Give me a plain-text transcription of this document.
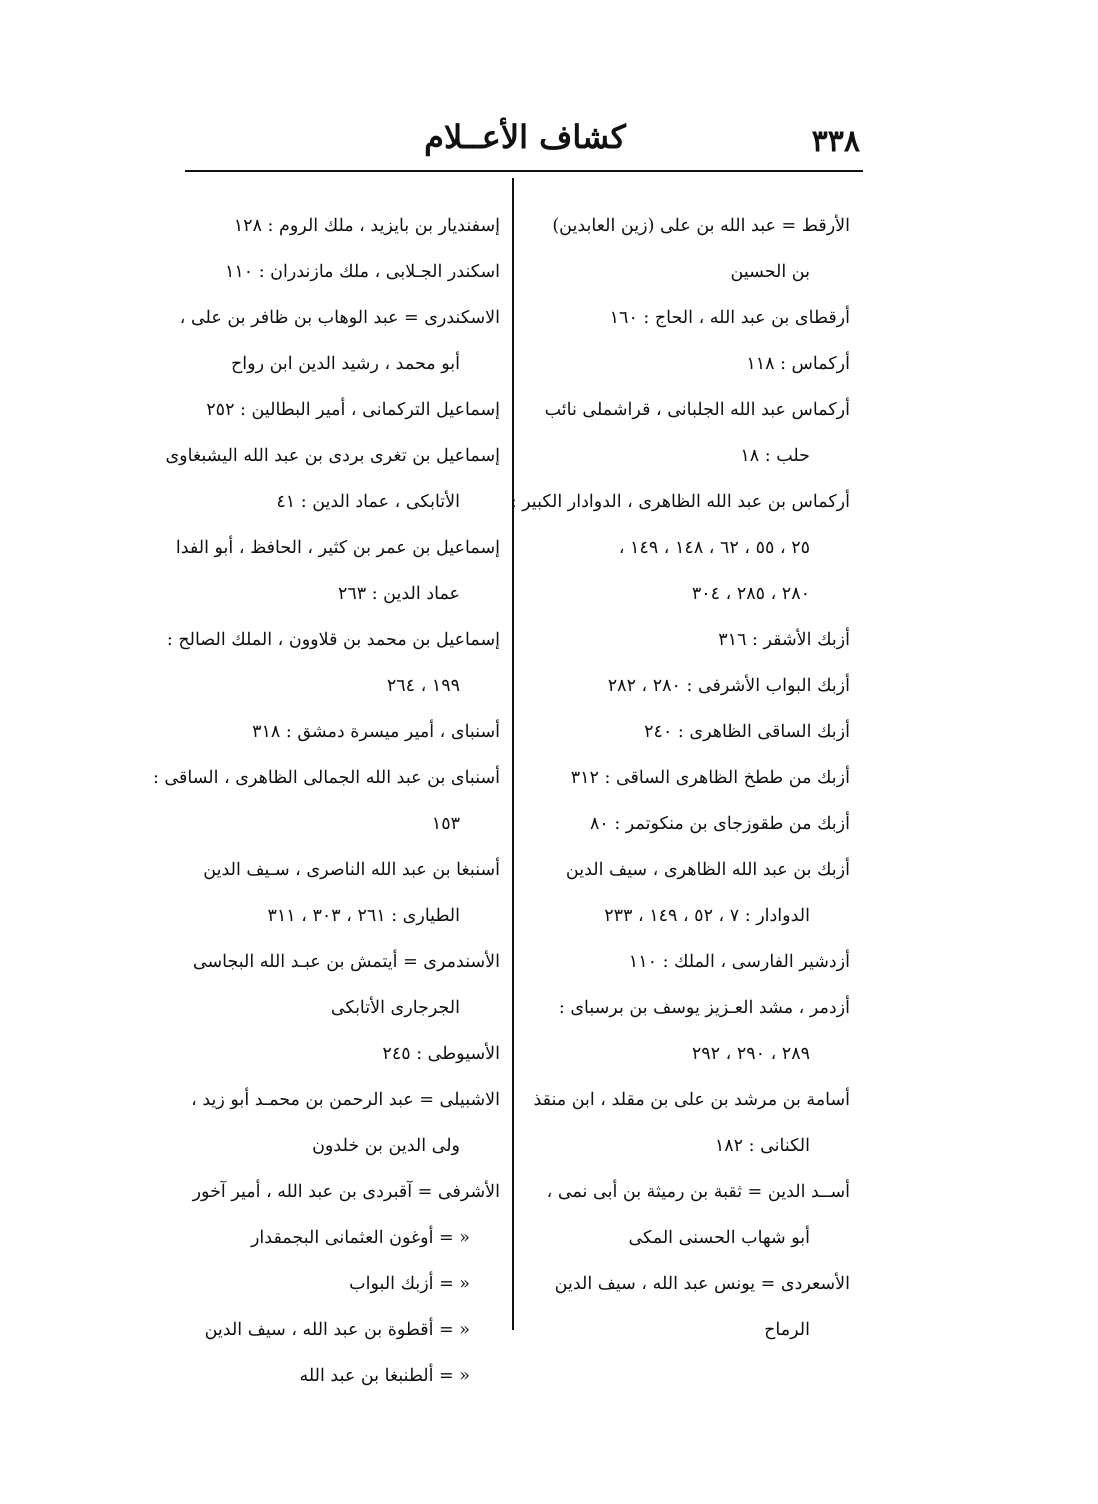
٣٣٨
كشاف الأعــلام

الأرقط = عبد الله بن على (زين العابدين)

بن الحسين

أرقطاى بن عبد الله ، الحاج : ١٦٠

أركماس : ١١٨

أركماس عبد الله الجلبانى ، قراشملى نائب

حلب : ١٨

أركماس بن عبد الله الظاهرى ، الدوادار الكبير :

٢٥ ، ٥٥ ، ٦٢ ، ١٤٨ ، ١٤٩ ،

٢٨٠ ، ٢٨٥ ، ٣٠٤

أزبك الأشقر : ٣١٦

أزبك البواب الأشرفى : ٢٨٠ ، ٢٨٢

أزبك الساقى الظاهرى : ٢٤٠

أزبك من ططخ الظاهرى الساقى : ٣١٢

أزبك من طقوزجاى بن منكوتمر : ٨٠

أزبك بن عبد الله الظاهرى ، سيف الدين

الدوادار : ٧ ، ٥٢ ، ١٤٩ ، ٢٣٣

أزدشير الفارسى ، الملك : ١١٠

أزدمر ، مشد العـزيز يوسف بن برسباى :

٢٨٩ ، ٢٩٠ ، ٢٩٢

أسامة بن مرشد بن على بن مقلد ، ابن منقذ

الكنانى : ١٨٢

أســد الدين = ثقبة بن رميثة بن أبى نمى ،

أبو شهاب الحسنى المكى

الأسعردى = يونس عبد الله ، سيف الدين

الرماح

إسفنديار بن بايزيد ، ملك الروم : ١٢٨

اسكندر الجـلابى ، ملك مازندران : ١١٠

الاسكندرى = عبد الوهاب بن ظافر بن على ،

أبو محمد ، رشيد الدين ابن رواح

إسماعيل التركمانى ، أمير البطالين : ٢٥٢

إسماعيل بن تغرى بردى بن عبد الله اليشبغاوى

الأتابكى ، عماد الدين : ٤١

إسماعيل بن عمر بن كثير ، الحافظ ، أبو الفدا

عماد الدين : ٢٦٣

إسماعيل بن محمد بن قلاوون ، الملك الصالح :

١٩٩ ، ٢٦٤

أسنباى ، أمير ميسرة دمشق : ٣١٨

أسنباى بن عبد الله الجمالى الظاهرى ، الساقى :

١٥٣

أسنبغا بن عبد الله الناصرى ، سـيف الدين

الطيارى : ٢٦١ ، ٣٠٣ ، ٣١١

الأسندمرى = أيتمش بن عبـد الله البجاسى

الجرجارى الأتابكى

الأسيوطى : ٢٤٥

الاشبيلى = عبد الرحمن بن محمـد أبو زيد ،

ولى الدين بن خلدون

الأشرفى = آقبردى بن عبد الله ، أمير آخور

« = أوغون العثمانى البجمقدار

« = أزبك البواب

« = أقطوة بن عبد الله ، سيف الدين

« = ألطنبغا بن عبد الله
